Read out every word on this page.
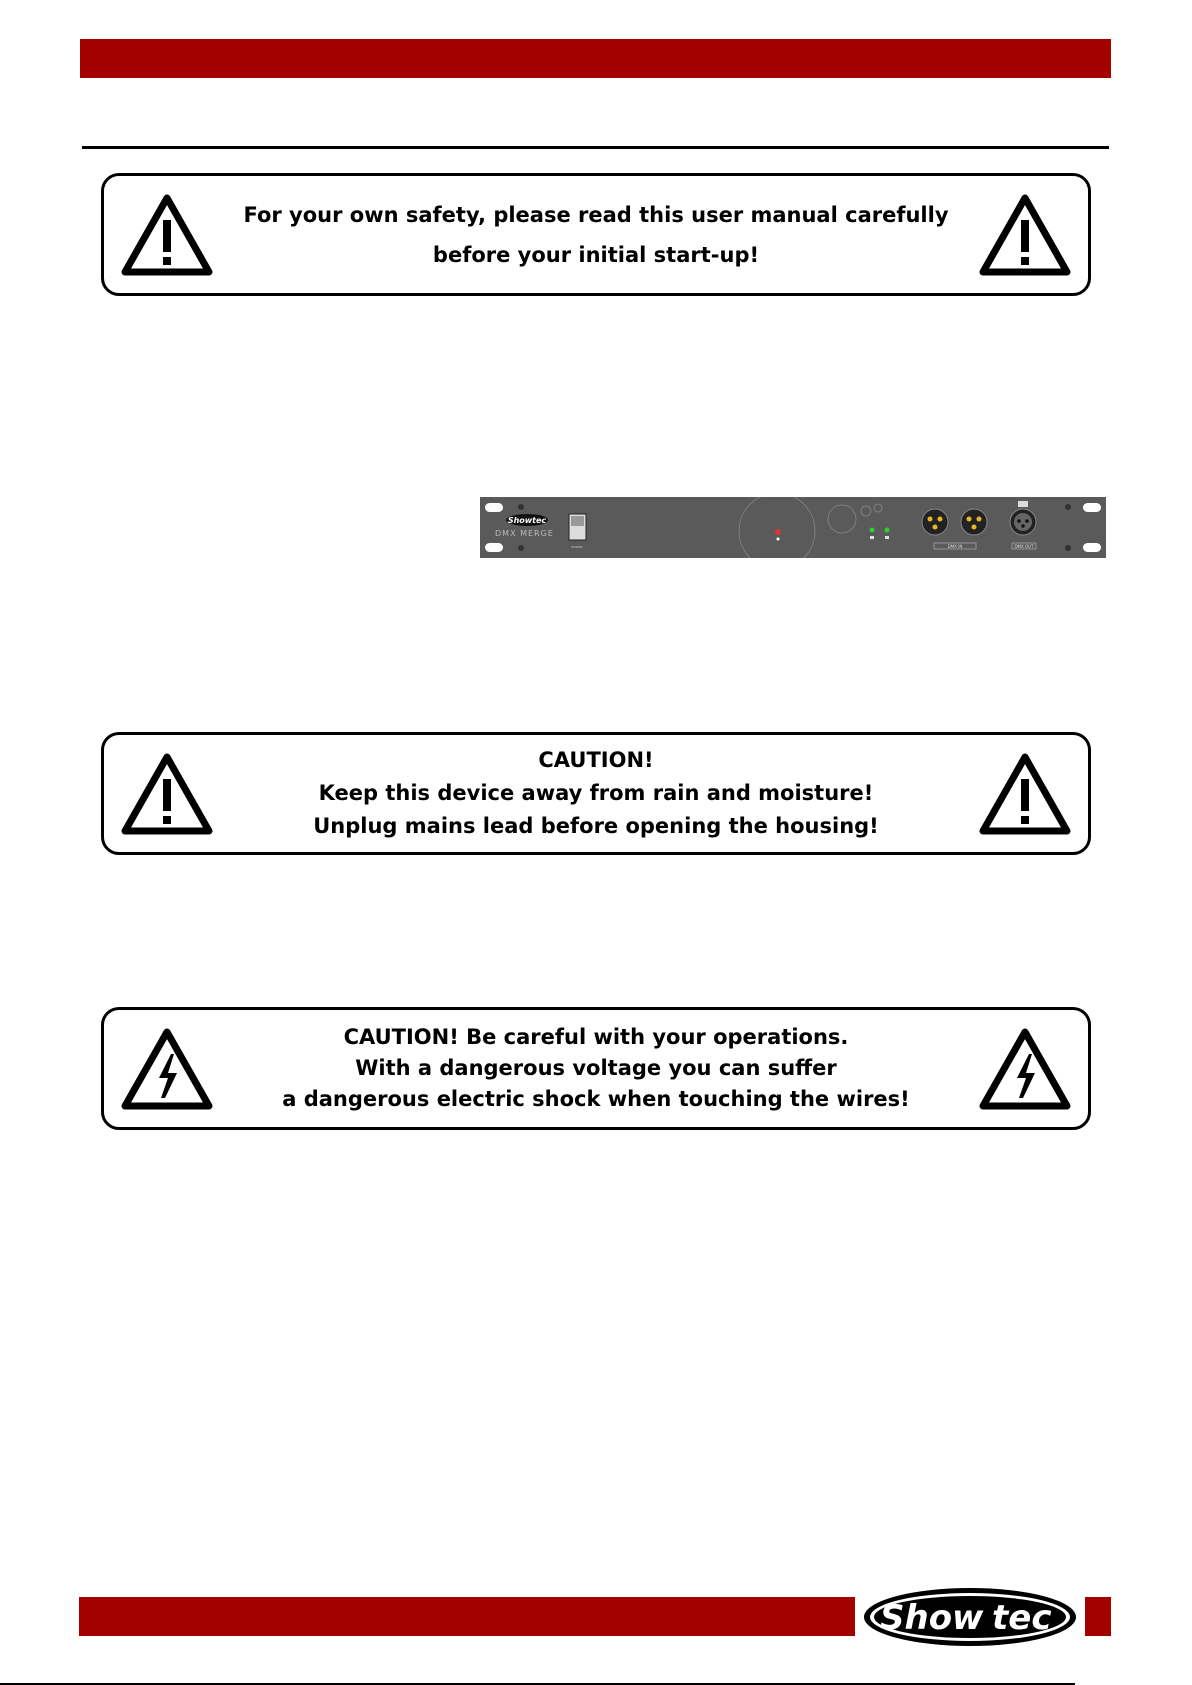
For your own safety, please read this user manual carefully
before your initial start-up!
Showtec
DMX MERGE
POWER	DMX IN	DMX OUT
CAUTION!
Keep this device away from rain and moisture!
Unplug mains lead before opening the housing!
CAUTION! Be careful with your operations.
With a dangerous voltage you can suffer
a dangerous electric shock when touching the wires!
Show tec
